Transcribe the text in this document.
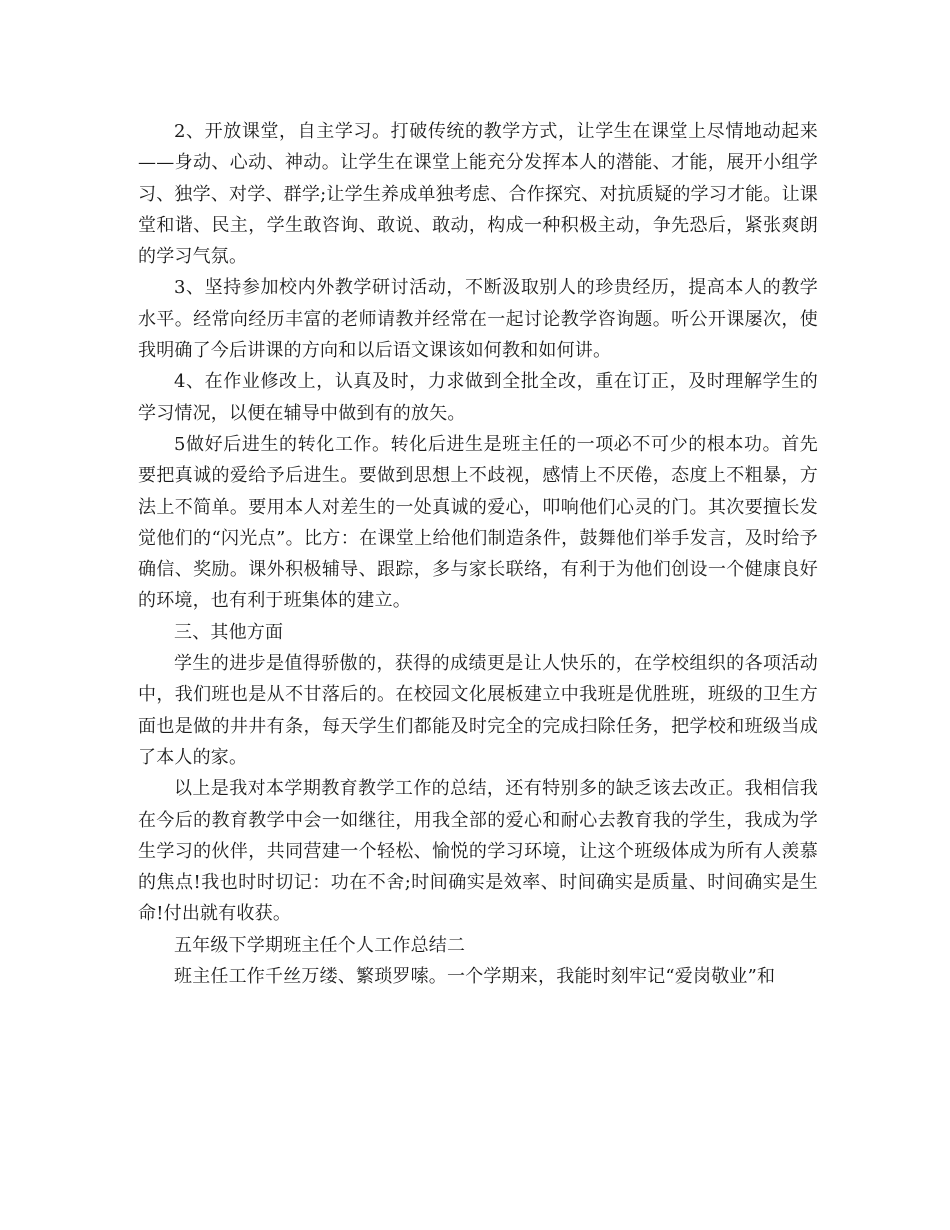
2、开放课堂，自主学习。打破传统的教学方式，让学生在课堂上尽情地动起来——身动、心动、神动。让学生在课堂上能充分发挥本人的潜能、才能，展开小组学习、独学、对学、群学;让学生养成单独考虑、合作探究、对抗质疑的学习才能。让课堂和谐、民主，学生敢咨询、敢说、敢动，构成一种积极主动，争先恐后，紧张爽朗的学习气氛。

3、坚持参加校内外教学研讨活动，不断汲取别人的珍贵经历，提高本人的教学水平。经常向经历丰富的老师请教并经常在一起讨论教学咨询题。听公开课屡次，使我明确了今后讲课的方向和以后语文课该如何教和如何讲。

4、在作业修改上，认真及时，力求做到全批全改，重在订正，及时理解学生的学习情况，以便在辅导中做到有的放矢。

5做好后进生的转化工作。转化后进生是班主任的一项必不可少的根本功。首先要把真诚的爱给予后进生。要做到思想上不歧视，感情上不厌倦，态度上不粗暴，方法上不简单。要用本人对差生的一处真诚的爱心，叩响他们心灵的门。其次要擅长发觉他们的“闪光点”。比方：在课堂上给他们制造条件，鼓舞他们举手发言，及时给予确信、奖励。课外积极辅导、跟踪，多与家长联络，有利于为他们创设一个健康良好的环境，也有利于班集体的建立。

三、其他方面

学生的进步是值得骄傲的，获得的成绩更是让人快乐的，在学校组织的各项活动中，我们班也是从不甘落后的。在校园文化展板建立中我班是优胜班，班级的卫生方面也是做的井井有条，每天学生们都能及时完全的完成扫除任务，把学校和班级当成了本人的家。

以上是我对本学期教育教学工作的总结，还有特别多的缺乏该去改正。我相信我在今后的教育教学中会一如继往，用我全部的爱心和耐心去教育我的学生，我成为学生学习的伙伴，共同营建一个轻松、愉悦的学习环境，让这个班级体成为所有人羡慕的焦点!我也时时切记：功在不舍;时间确实是效率、时间确实是质量、时间确实是生命!付出就有收获。

五年级下学期班主任个人工作总结二

班主任工作千丝万缕、繁琐罗嗦。一个学期来，我能时刻牢记“爱岗敬业”和
